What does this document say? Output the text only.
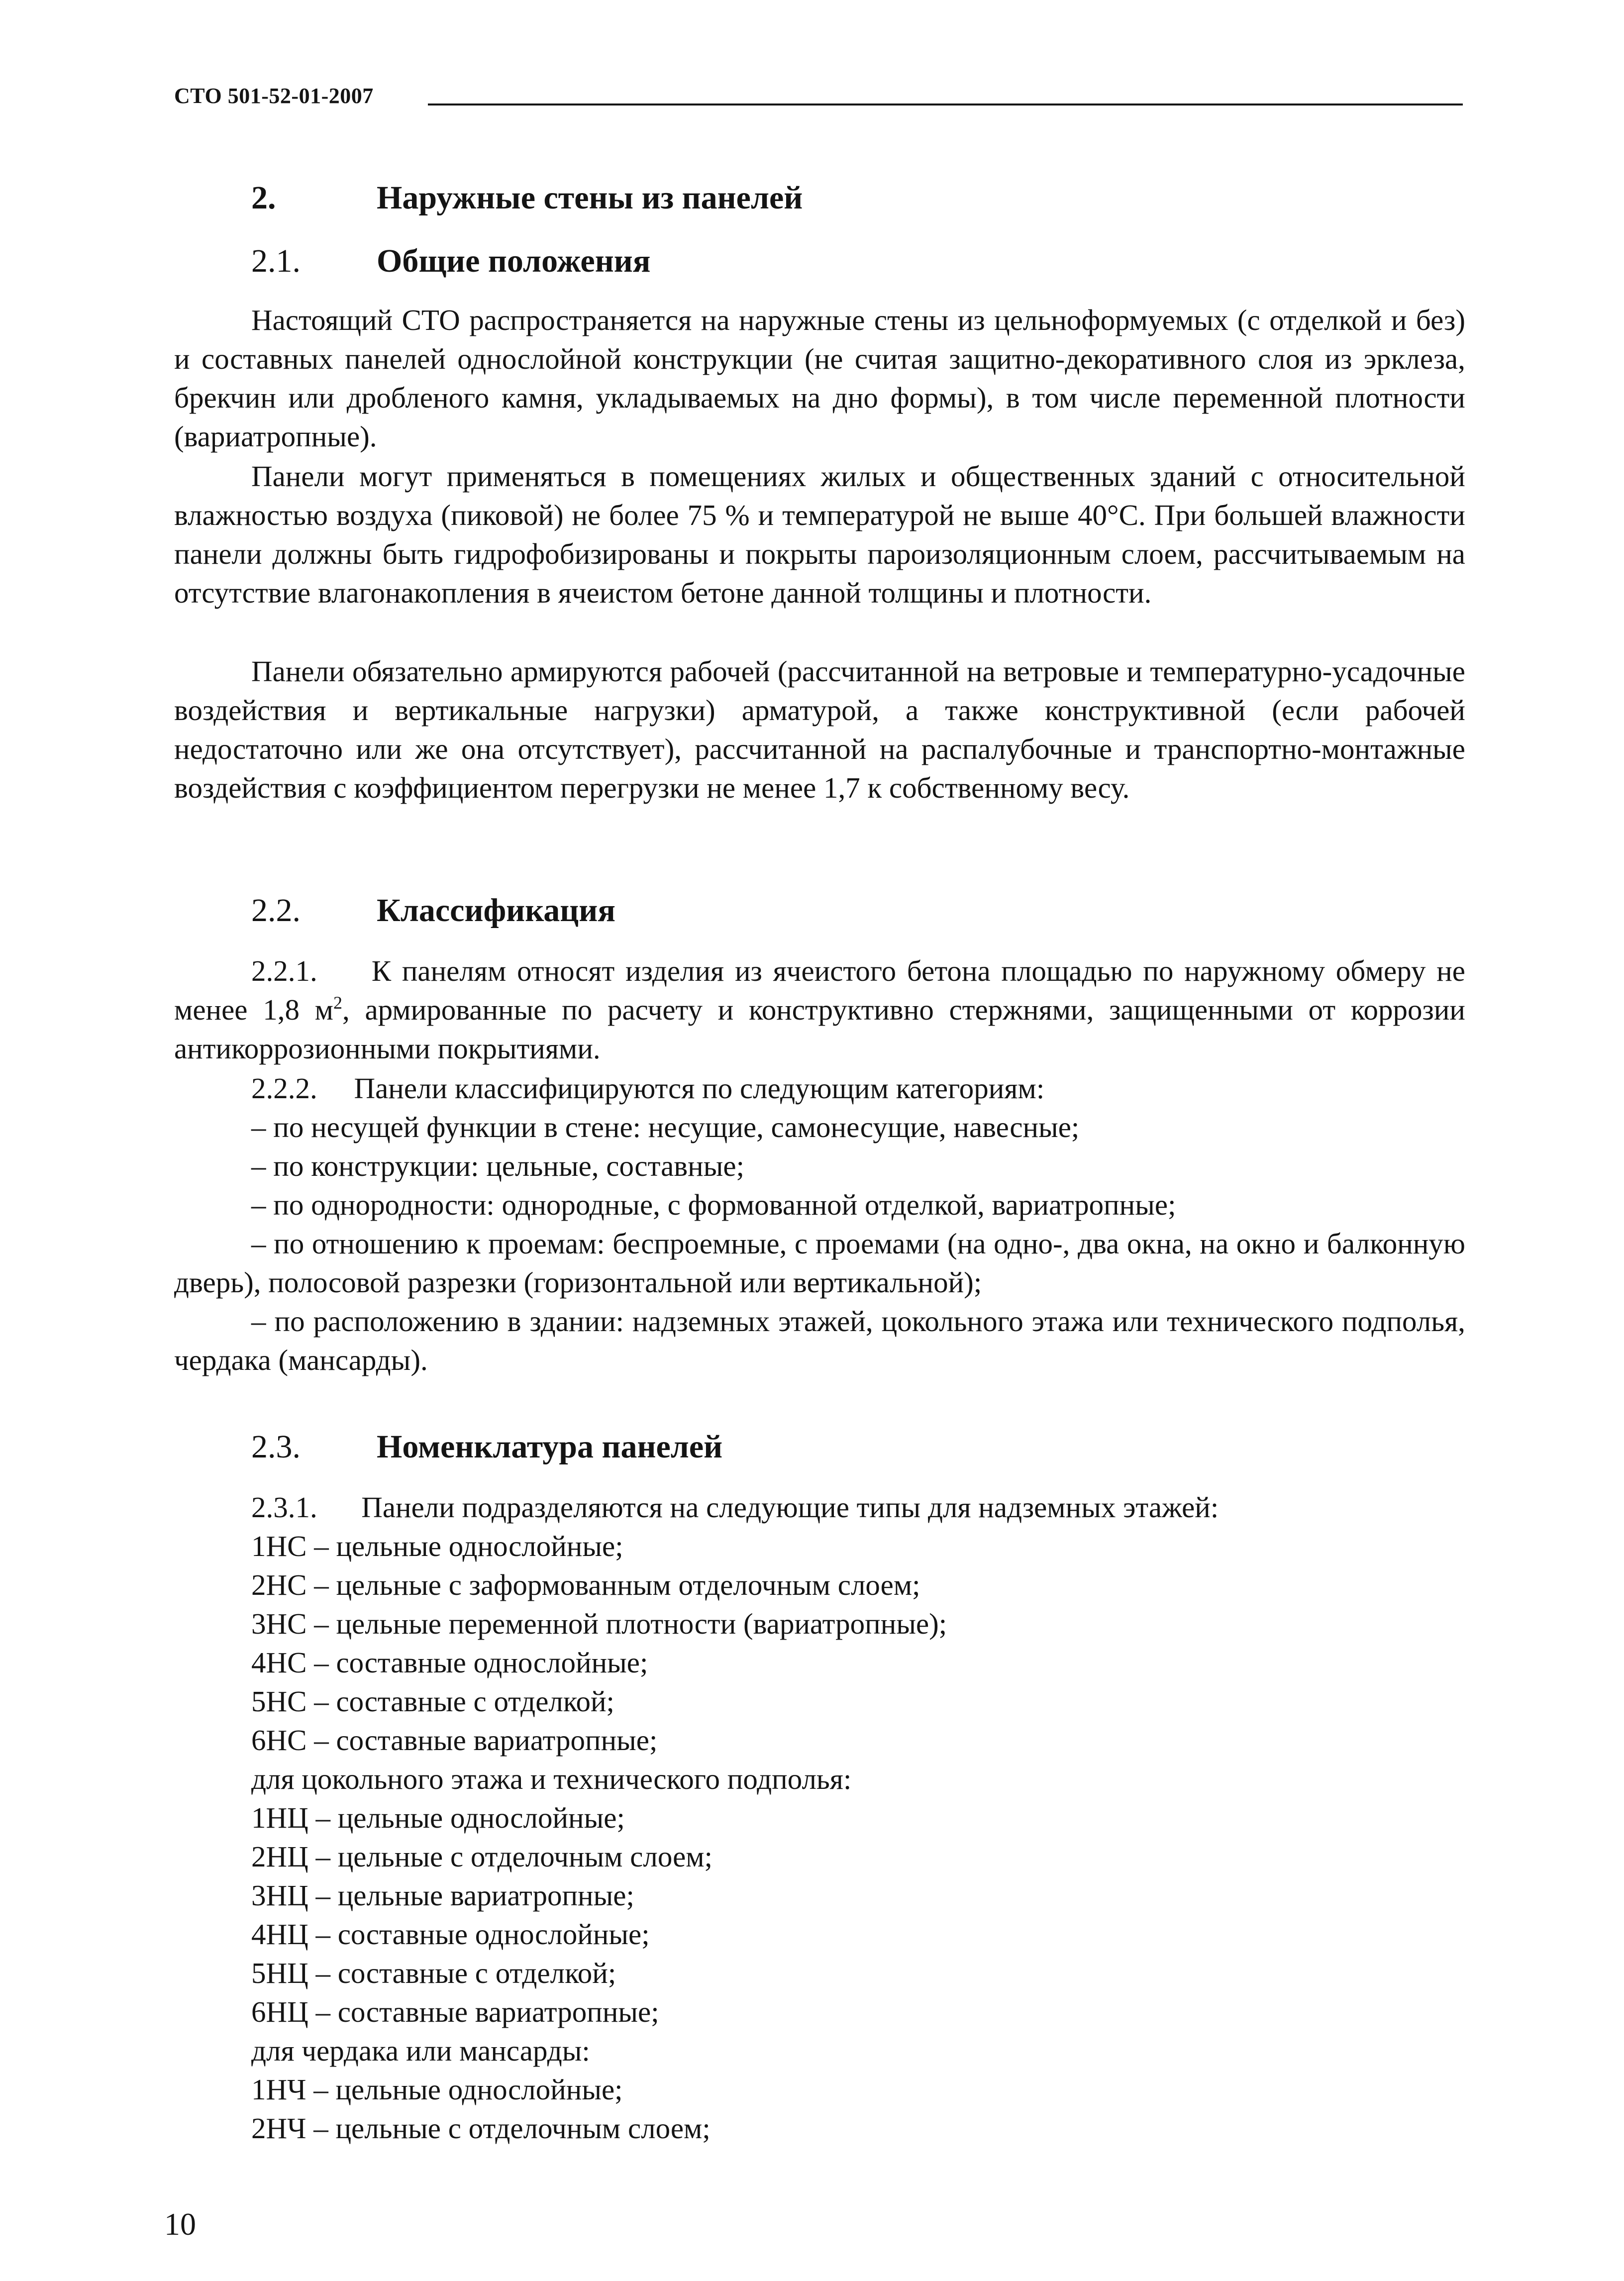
СТО 501-52-01-2007
2.	Наружные стены из панелей
2.1. Общие положения
Настоящий СТО распространяется на наружные стены из цельноформуемых (с отделкой и без) и составных панелей однослойной конструкции (не считая защитно-декоративного слоя из эрклеза, брекчин или дробленого камня, укладываемых на дно формы), в том числе переменной плотности (вариатропные).
Панели могут применяться в помещениях жилых и общественных зданий с относительной влажностью воздуха (пиковой) не более 75 % и температурой не выше 40°С. При большей влажности панели должны быть гидрофобизированы и покрыты пароизоляционным слоем, рассчитываемым на отсутствие влагонакопления в ячеистом бетоне данной толщины и плотности.
Панели обязательно армируются рабочей (рассчитанной на ветровые и температурно-усадочные воздействия и вертикальные нагрузки) арматурой, а также конструктивной (если рабочей недостаточно или же она отсутствует), рассчитанной на распалубочные и транспортно-монтажные воздействия с коэффициентом перегрузки не менее 1,7 к собственному весу.
2.2. Классификация
2.2.1. К панелям относят изделия из ячеистого бетона площадью по наружному обмеру не менее 1,8 $м^2$, армированные по расчету и конструктивно стержнями, защищенными от коррозии антикоррозионными покрытиями.
2.2.2. Панели классифицируются по следующим категориям:
– по несущей функции в стене: несущие, самонесущие, навесные;
– по конструкции: цельные, составные;
– по однородности: однородные, с формованной отделкой, вариатропные;
– по отношению к проемам: беспроемные, с проемами (на одно-, два окна, на окно и балконную дверь), полосовой разрезки (горизонтальной или вертикальной);
– по расположению в здании: надземных этажей, цокольного этажа или технического подполья, чердака (мансарды).
2.3. Номенклатура панелей
2.3.1. Панели подразделяются на следующие типы для надземных этажей:
1НС – цельные однослойные;
2НС – цельные с заформованным отделочным слоем;
3НС – цельные переменной плотности (вариатропные);
4НС – составные однослойные;
5НС – составные с отделкой;
6НС – составные вариатропные;
для цокольного этажа и технического подполья:
1НЦ – цельные однослойные;
2НЦ – цельные с отделочным слоем;
3НЦ – цельные вариатропные;
4НЦ – составные однослойные;
5НЦ – составные с отделкой;
6НЦ – составные вариатропные;
для чердака или мансарды:
1НЧ – цельные однослойные;
2НЧ – цельные с отделочным слоем;
10
